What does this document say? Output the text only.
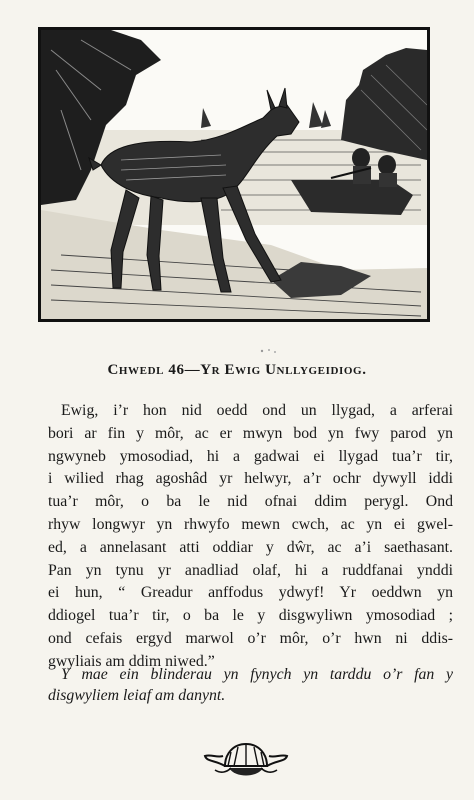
Chwedl 46—Yr Ewig Unllygeidiog.
Ewig, i’r hon nid oedd ond un llygad, a arferai
bori ar fin y môr, ac er mwyn bod yn fwy parod yn
ngwyneb ymosodiad, hi a gadwai ei llygad tua’r tir,
i wilied rhag agoshâd yr helwyr, a’r ochr dywyll iddi
tua’r môr, o ba le nid ofnai ddim perygl. Ond
rhyw longwyr yn rhwyfo mewn cwch, ac yn ei gwel-
ed, a annelasant atti oddiar y dŵr, ac a’i saethasant.
Pan yn tynu yr anadliad olaf, hi a ruddfanai ynddi
ei hun, “ Greadur anffodus ydwyf! Yr oeddwn yn
ddiogel tua’r tir, o ba le y disgwyliwn ymosodiad ;
ond cefais ergyd marwol o’r môr, o’r hwn ni ddis-
gwyliais am ddim niwed.”
Y mae ein blinderau yn fynych yn tarddu o’r fan y
disgwyliem leiaf am danynt.
